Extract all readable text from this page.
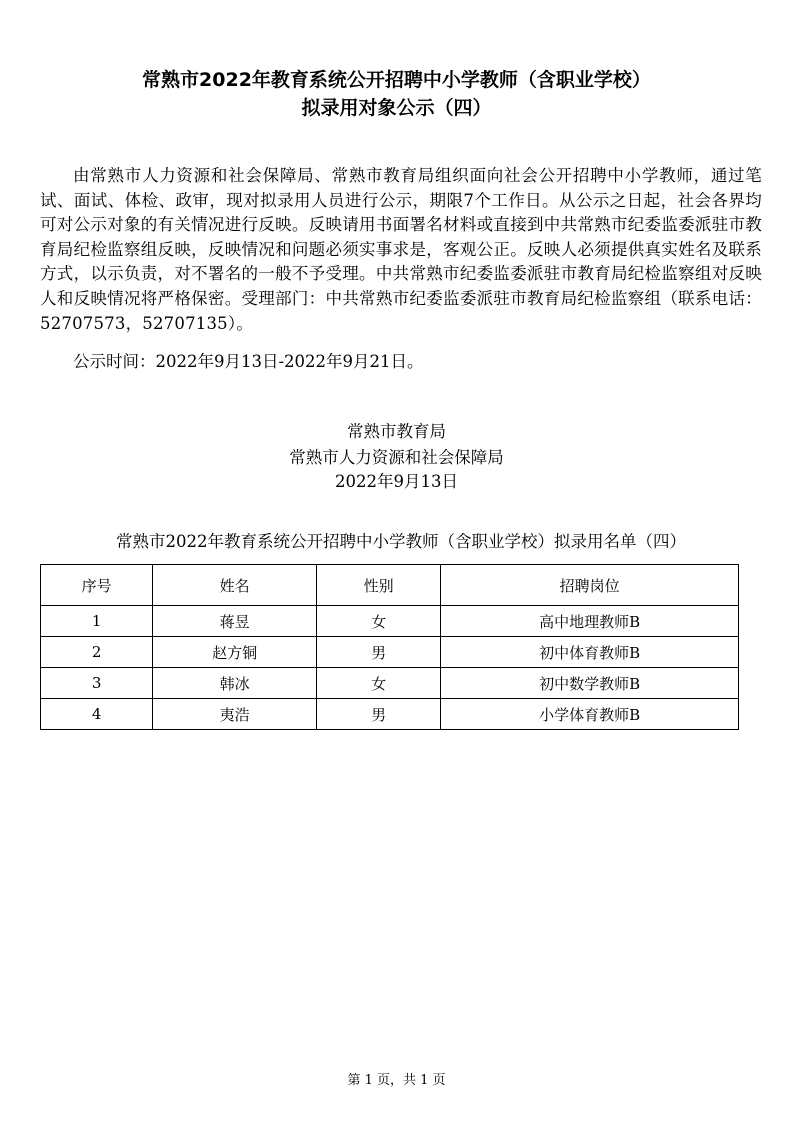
常熟市2022年教育系统公开招聘中小学教师（含职业学校）
拟录用对象公示（四）

由常熟市人力资源和社会保障局、常熟市教育局组织面向社会公开招聘中小学教师，通过笔试、面试、体检、政审，现对拟录用人员进行公示，期限7个工作日。从公示之日起，社会各界均可对公示对象的有关情况进行反映。反映请用书面署名材料或直接到中共常熟市纪委监委派驻市教育局纪检监察组反映，反映情况和问题必须实事求是，客观公正。反映人必须提供真实姓名及联系方式，以示负责，对不署名的一般不予受理。中共常熟市纪委监委派驻市教育局纪检监察组对反映人和反映情况将严格保密。受理部门：中共常熟市纪委监委派驻市教育局纪检监察组（联系电话：52707573，52707135）。

公示时间：2022年9月13日-2022年9月21日。

常熟市教育局
常熟市人力资源和社会保障局
2022年9月13日
常熟市2022年教育系统公开招聘中小学教师（含职业学校）拟录用名单（四）
序号	姓名	性别	招聘岗位
1	蒋昱	女	高中地理教师B
2	赵方铜	男	初中体育教师B
3	韩冰	女	初中数学教师B
4	夷浩	男	小学体育教师B
第 1 页，共 1 页
